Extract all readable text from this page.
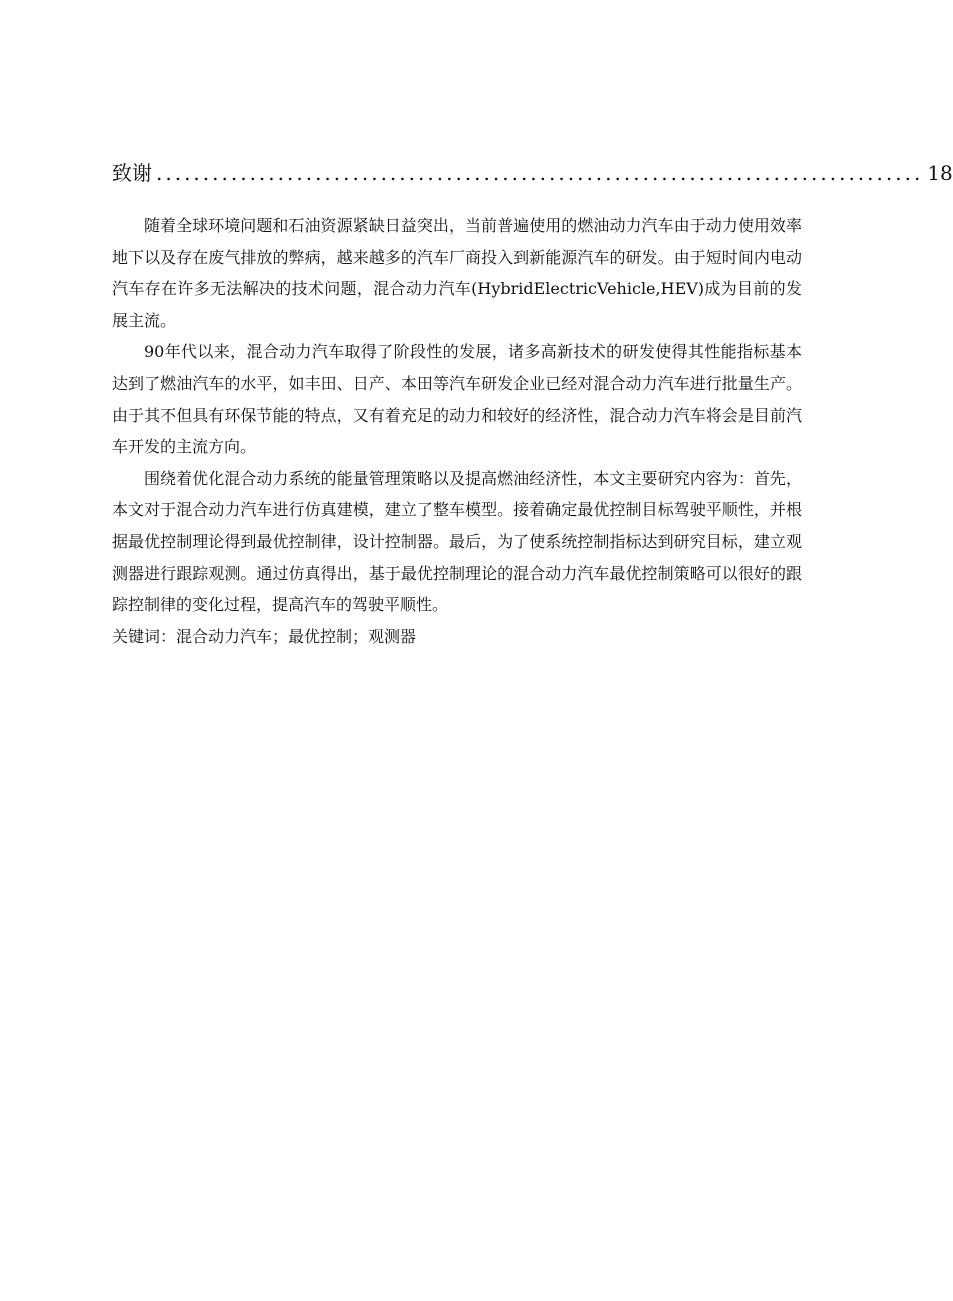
致谢 .................................................................................. 18

随着全球环境问题和石油资源紧缺日益突出，当前普遍使用的燃油动力汽车由于动力使用效率地下以及存在废气排放的弊病，越来越多的汽车厂商投入到新能源汽车的研发。由于短时间内电动汽车存在许多无法解决的技术问题，混合动力汽车(HybridElectricVehicle,HEV)成为目前的发展主流。

90年代以来，混合动力汽车取得了阶段性的发展，诸多高新技术的研发使得其性能指标基本达到了燃油汽车的水平，如丰田、日产、本田等汽车研发企业已经对混合动力汽车进行批量生产。由于其不但具有环保节能的特点，又有着充足的动力和较好的经济性，混合动力汽车将会是目前汽车开发的主流方向。

围绕着优化混合动力系统的能量管理策略以及提高燃油经济性，本文主要研究内容为：首先，本文对于混合动力汽车进行仿真建模，建立了整车模型。接着确定最优控制目标驾驶平顺性，并根据最优控制理论得到最优控制律，设计控制器。最后，为了使系统控制指标达到研究目标，建立观测器进行跟踪观测。通过仿真得出，基于最优控制理论的混合动力汽车最优控制策略可以很好的跟踪控制律的变化过程，提高汽车的驾驶平顺性。

关键词：混合动力汽车；最优控制；观测器
